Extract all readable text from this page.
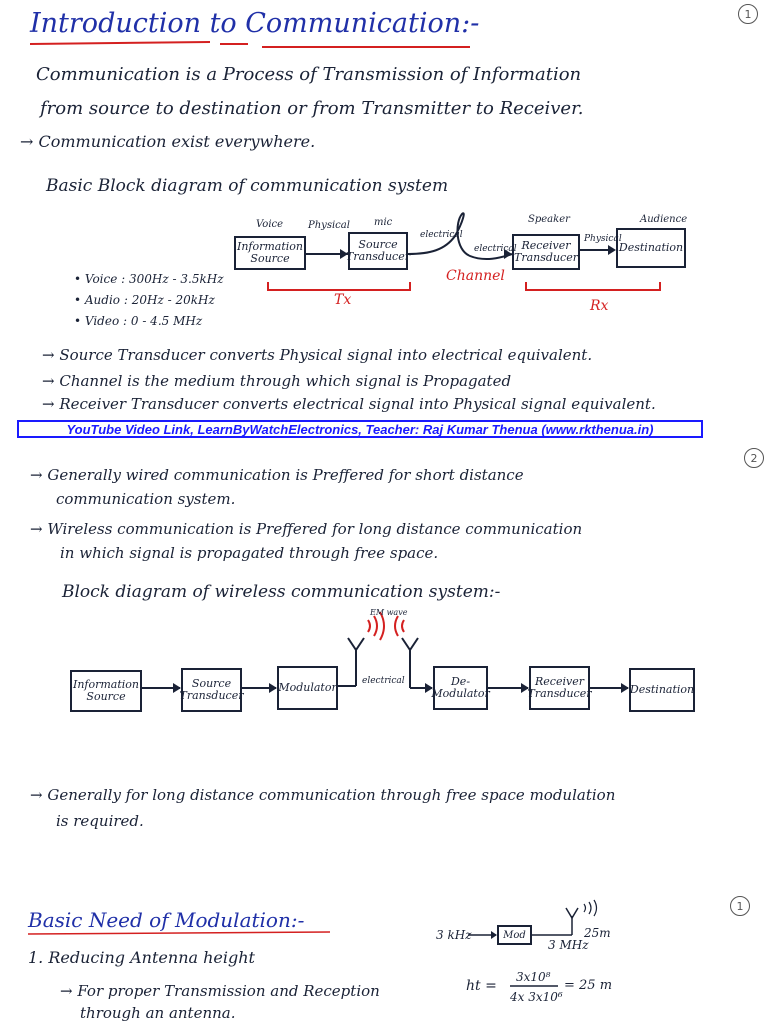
1
2
1
Introduction to Communication:-
Communication is a Process of Transmission of Information
from source to destination or from Transmitter to Receiver.
→ Communication exist everywhere.
Basic Block diagram of communication system
Information Source
Source Transducer
Receiver Transducer
Destination
Voice Physical mic
electrical
electrical
Speaker
Physical
Audience
Channel
Tx	Rx
• Voice : 300Hz - 3.5kHz
• Audio : 20Hz - 20kHz
• Video : 0 - 4.5 MHz
→ Source Transducer converts Physical signal into electrical equivalent.
→ Channel is the medium through which signal is Propagated
→ Receiver Transducer converts electrical signal into Physical signal equivalent.
YouTube Video Link, LearnByWatchElectronics, Teacher: Raj Kumar Thenua (www.rkthenua.in)
→ Generally wired communication is Preffered for short distance
communication system.
→ Wireless communication is Preffered for long distance communication
in which signal is propagated through free space.
Block diagram of wireless communication system:-
Information Source
Source Transducer
Modulator	De-Modulator
Receiver Transducer	Destination
EM wave
electrical
→ Generally for long distance communication through free space modulation
is required.
Basic Need of Modulation:-
1. Reducing Antenna height
→ For proper Transmission and Reception
through an antenna.
3 kHz	Mod
3 MHz
25m
ht =
3x10⁸
4x 3x10⁶
= 25 m
